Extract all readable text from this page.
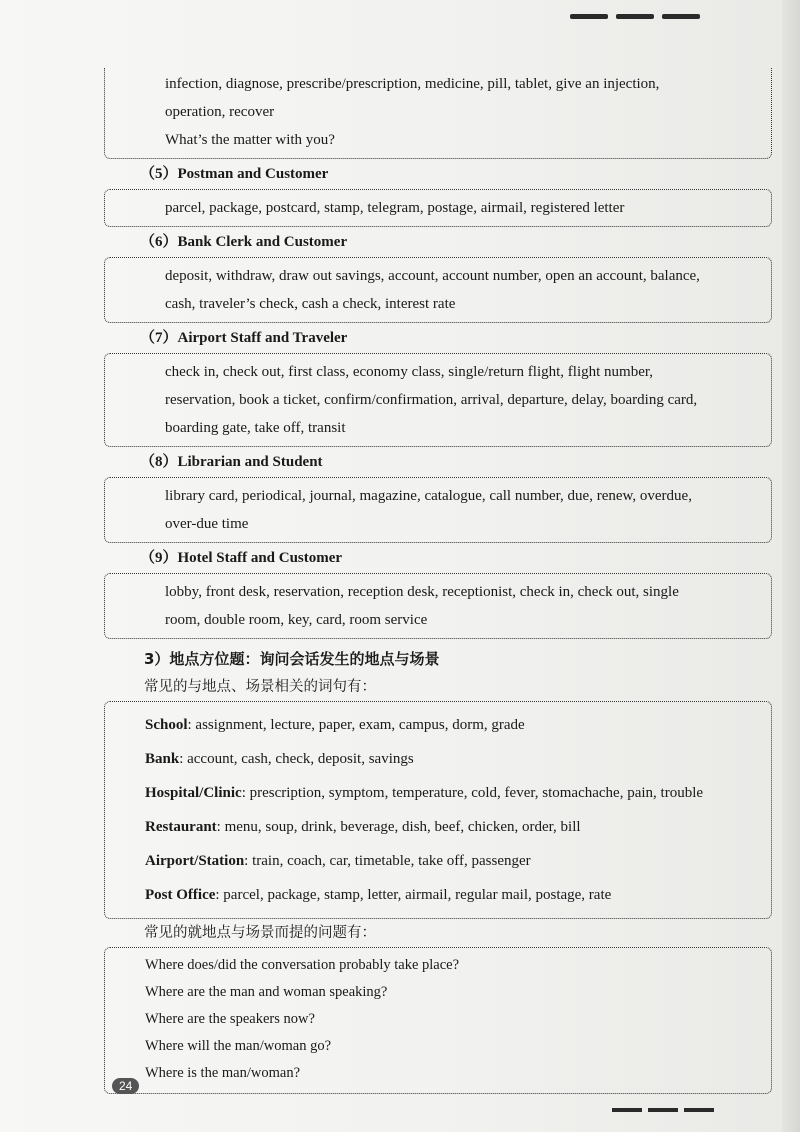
infection, diagnose, prescribe/prescription, medicine, pill, tablet, give an injection,
operation, recover
What’s the matter with you?
（5）Postman and Customer
parcel, package, postcard, stamp, telegram, postage, airmail, registered letter
（6）Bank Clerk and Customer
deposit, withdraw, draw out savings, account, account number, open an account, balance,
cash, traveler’s check, cash a check, interest rate
（7）Airport Staff and Traveler
check in, check out, first class, economy class, single/return flight, flight number,
reservation, book a ticket, confirm/confirmation, arrival, departure, delay, boarding card,
boarding gate, take off, transit
（8）Librarian and Student
library card, periodical, journal, magazine, catalogue, call number, due, renew, overdue,
over-due time
（9）Hotel Staff and Customer
lobby, front desk, reservation, reception desk, receptionist, check in, check out, single
room, double room, key, card, room service
3）地点方位题：询问会话发生的地点与场景
常见的与地点、场景相关的词句有：
School: assignment, lecture, paper, exam, campus, dorm, grade
Bank: account, cash, check, deposit, savings
Hospital/Clinic: prescription, symptom, temperature, cold, fever, stomachache, pain, trouble
Restaurant: menu, soup, drink, beverage, dish, beef, chicken, order, bill
Airport/Station: train, coach, car, timetable, take off, passenger
Post Office: parcel, package, stamp, letter, airmail, regular mail, postage, rate
常见的就地点与场景而提的问题有：
Where does/did the conversation probably take place?
Where are the man and woman speaking?
Where are the speakers now?
Where will the man/woman go?
Where is the man/woman?
24
